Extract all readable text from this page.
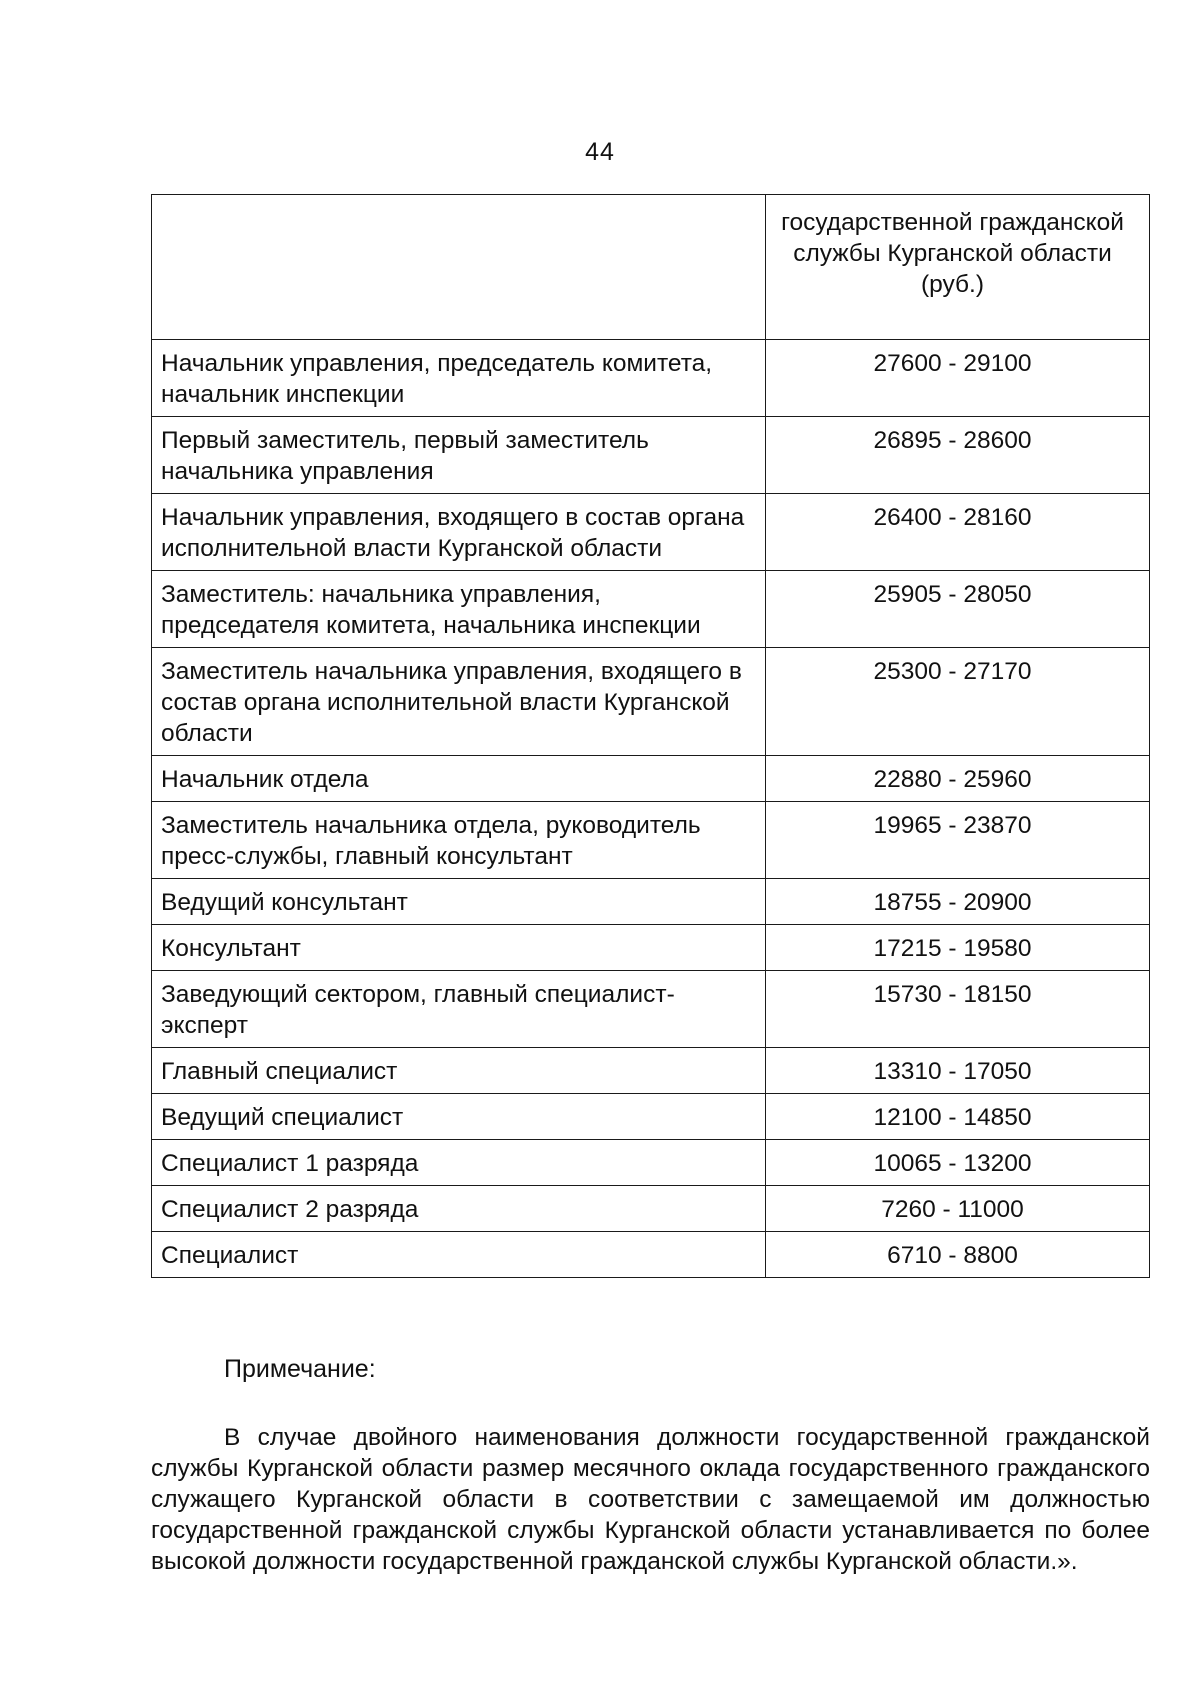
44
	государственной гражданской службы Курганской области (руб.)
Начальник управления, председатель комитета, начальник инспекции	27600 - 29100
Первый заместитель, первый заместитель начальника управления	26895 - 28600
Начальник управления, входящего в состав органа исполнительной власти Курганской области	26400 - 28160
Заместитель: начальника управления, председателя комитета, начальника инспекции	25905 - 28050
Заместитель начальника управления, входящего в состав органа исполнительной власти Курганской области	25300 - 27170
Начальник отдела	22880 - 25960
Заместитель начальника отдела, руководитель пресс-службы, главный консультант	19965 - 23870
Ведущий консультант	18755 - 20900
Консультант	17215 - 19580
Заведующий сектором, главный специалист-эксперт	15730 - 18150
Главный специалист	13310 - 17050
Ведущий специалист	12100 - 14850
Специалист 1 разряда	10065 - 13200
Специалист 2 разряда	7260 - 11000
Специалист	6710 - 8800
Примечание:
В случае двойного наименования должности государственной гражданской службы Курганской области размер месячного оклада государственного гражданского служащего Курганской области в соответствии с замещаемой им должностью государственной гражданской службы Курганской области устанавливается по более высокой должности государственной гражданской службы Курганской области.».
